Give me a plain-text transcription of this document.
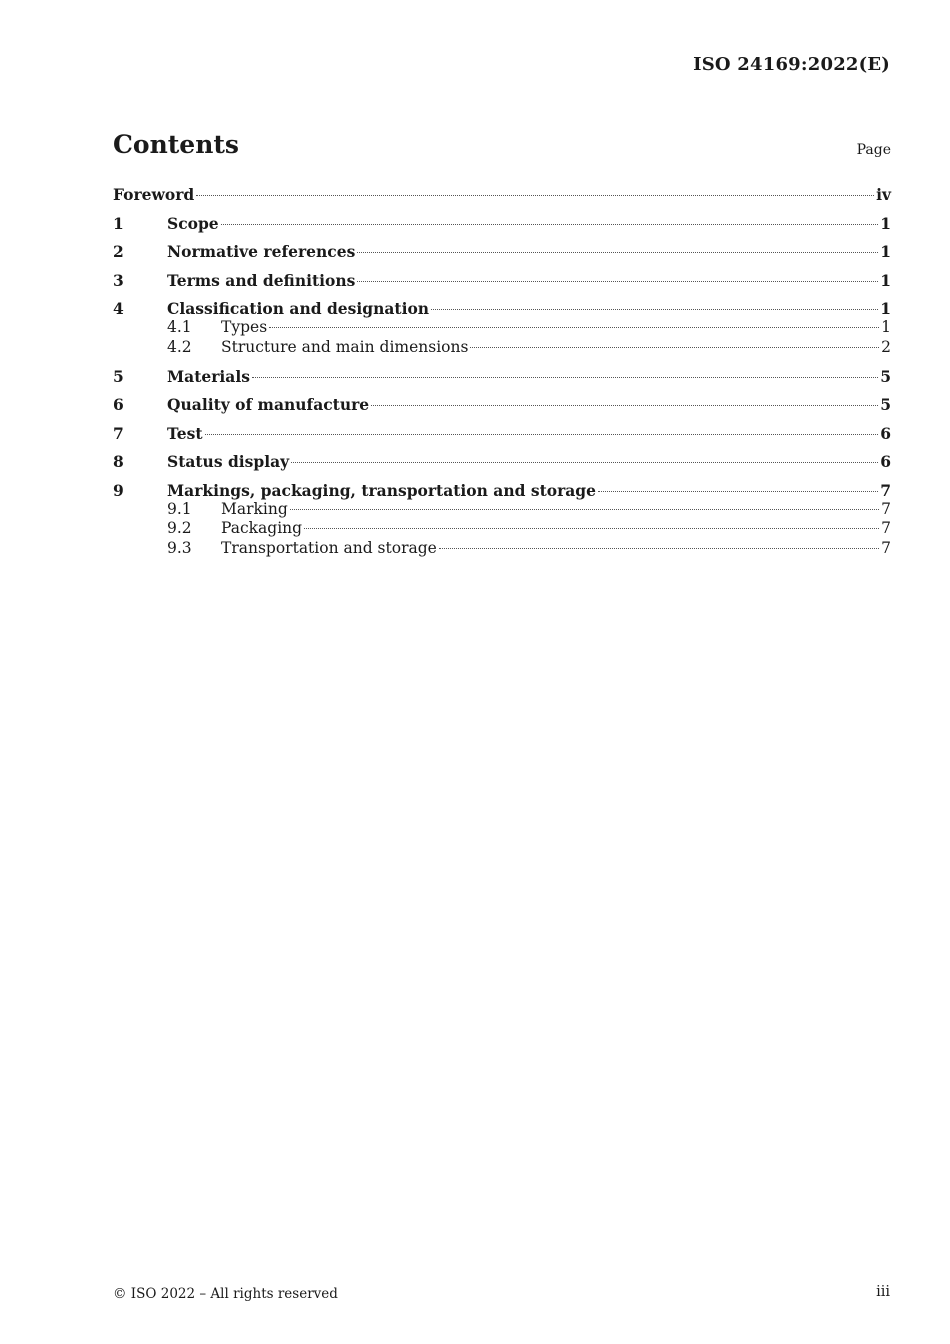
ISO 24169:2022(E)
Contents	Page
Foreword	iv
1	Scope	1
2	Normative references	1
3	Terms and definitions	1
4	Classification and designation	1
4.1	Types	1
4.2	Structure and main dimensions	2
5	Materials	5
6	Quality of manufacture	5
7	Test	6
8	Status display	6
9	Markings, packaging, transportation and storage	7
9.1	Marking	7
9.2	Packaging	7
9.3	Transportation and storage	7
© ISO 2022 – All rights reserved	iii
